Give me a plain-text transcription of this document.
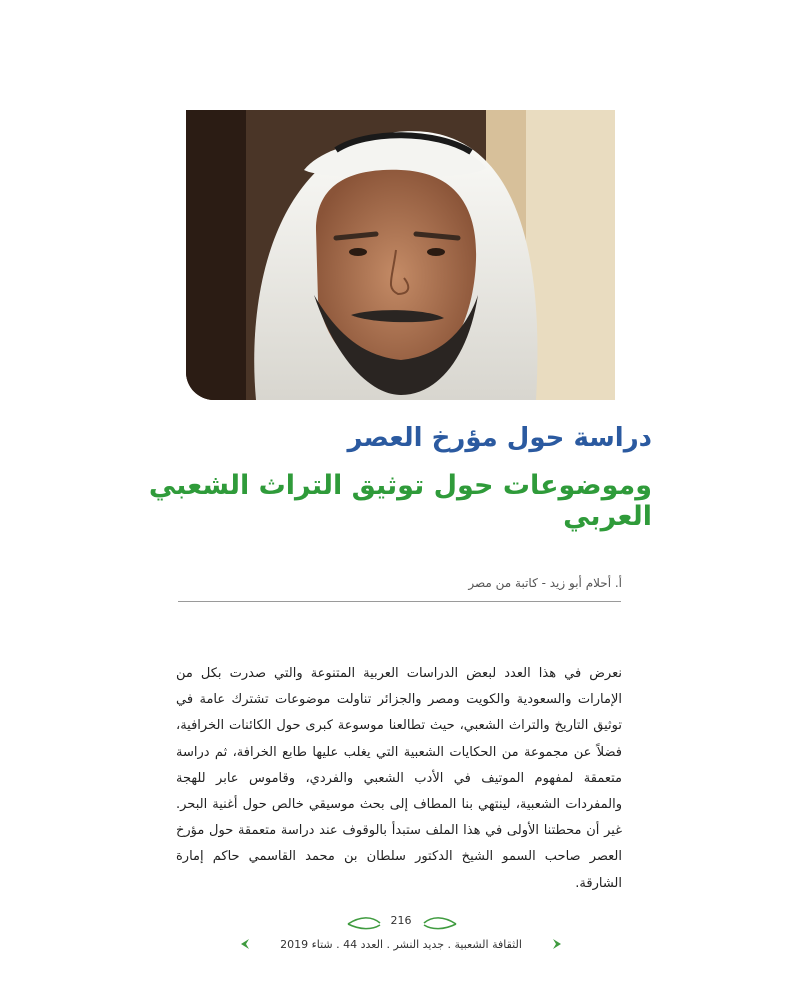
دراسة حول مؤرخ العصر
وموضوعات حول توثيق التراث الشعبي العربي
أ. أحلام أبو زيد - كاتبة من مصر

نعرض في هذا العدد لبعض الدراسات العربية المتنوعة والتي صدرت بكل من الإمارات والسعودية والكويت ومصر والجزائر تناولت موضوعات تشترك عامة في توثيق التاريخ والتراث الشعبي، حيث تطالعنا موسوعة كبرى حول الكائنات الخرافية، فضلاً عن مجموعة من الحكايات الشعبية التي يغلب عليها طابع الخرافة، ثم دراسة متعمقة لمفهوم الموتيف في الأدب الشعبي والفردي، وقاموس عابر للهجة والمفردات الشعبية، لينتهي بنا المطاف إلى بحث موسيقي خالص حول أغنية البحر. غير أن محطتنا الأولى في هذا الملف ستبدأ بالوقوف عند دراسة متعمقة حول مؤرخ العصر صاحب السمو الشيخ الدكتور سلطان بن محمد القاسمي حاكم إمارة الشارقة.

216
الثقافة الشعبية . جديد النشر . العدد 44 . شتاء 2019
